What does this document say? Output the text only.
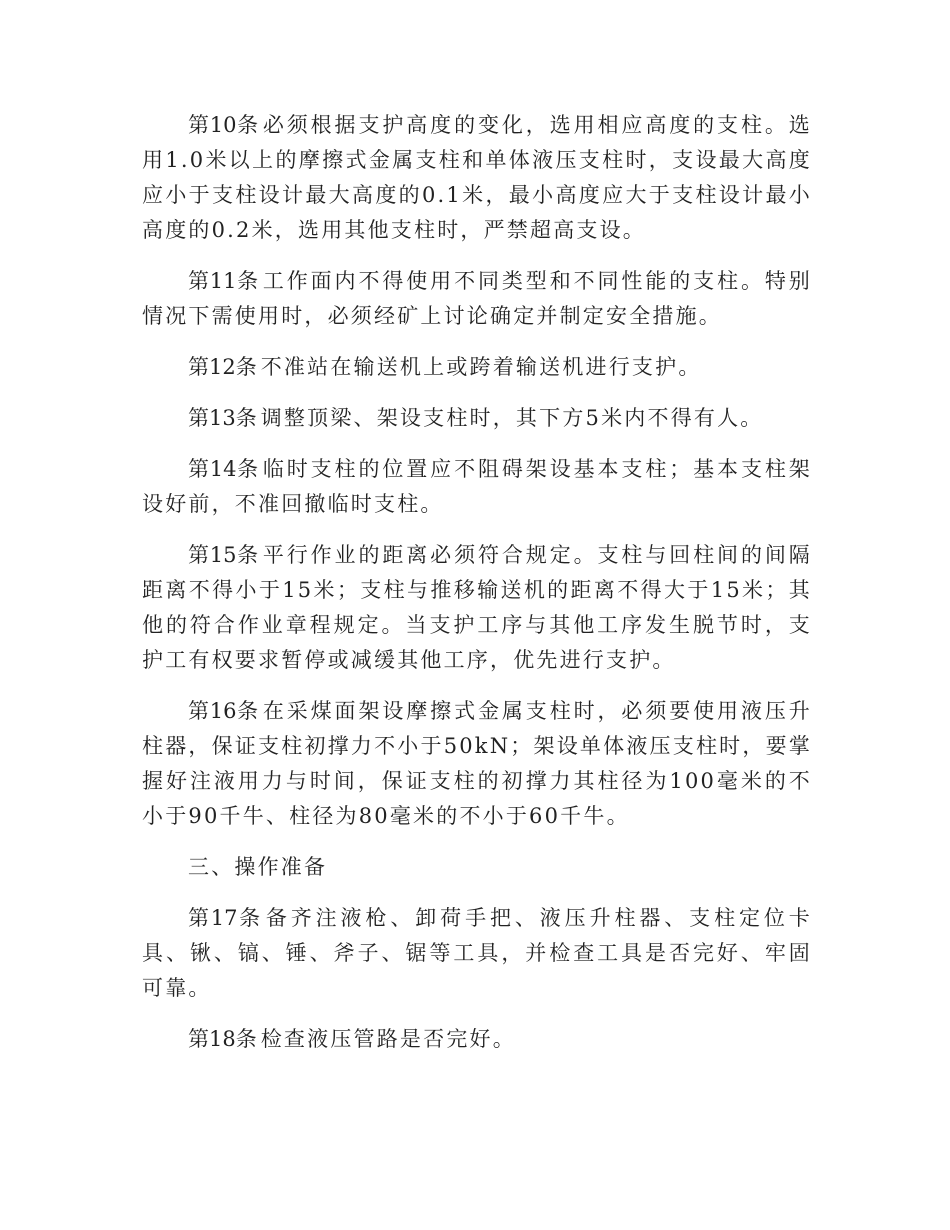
第10条 必须根据支护高度的变化，选用相应高度的支柱。选用1.0米以上的摩擦式金属支柱和单体液压支柱时，支设最大高度应小于支柱设计最大高度的0.1米，最小高度应大于支柱设计最小高度的0.2米，选用其他支柱时，严禁超高支设。

第11条 工作面内不得使用不同类型和不同性能的支柱。特别情况下需使用时，必须经矿上讨论确定并制定安全措施。

第12条 不准站在输送机上或跨着输送机进行支护。

第13条 调整顶梁、架设支柱时，其下方5米内不得有人。

第14条 临时支柱的位置应不阻碍架设基本支柱；基本支柱架设好前，不准回撤临时支柱。

第15条 平行作业的距离必须符合规定。支柱与回柱间的间隔距离不得小于15米；支柱与推移输送机的距离不得大于15米；其他的符合作业章程规定。当支护工序与其他工序发生脱节时，支护工有权要求暂停或减缓其他工序，优先进行支护。

第16条 在采煤面架设摩擦式金属支柱时，必须要使用液压升柱器，保证支柱初撑力不小于50kN；架设单体液压支柱时，要掌握好注液用力与时间，保证支柱的初撑力其柱径为100毫米的不小于90千牛、柱径为80毫米的不小于60千牛。

三、操作准备

第17条 备齐注液枪、卸荷手把、液压升柱器、支柱定位卡具、锹、镐、锤、斧子、锯等工具，并检查工具是否完好、牢固可靠。

第18条 检查液压管路是否完好。
